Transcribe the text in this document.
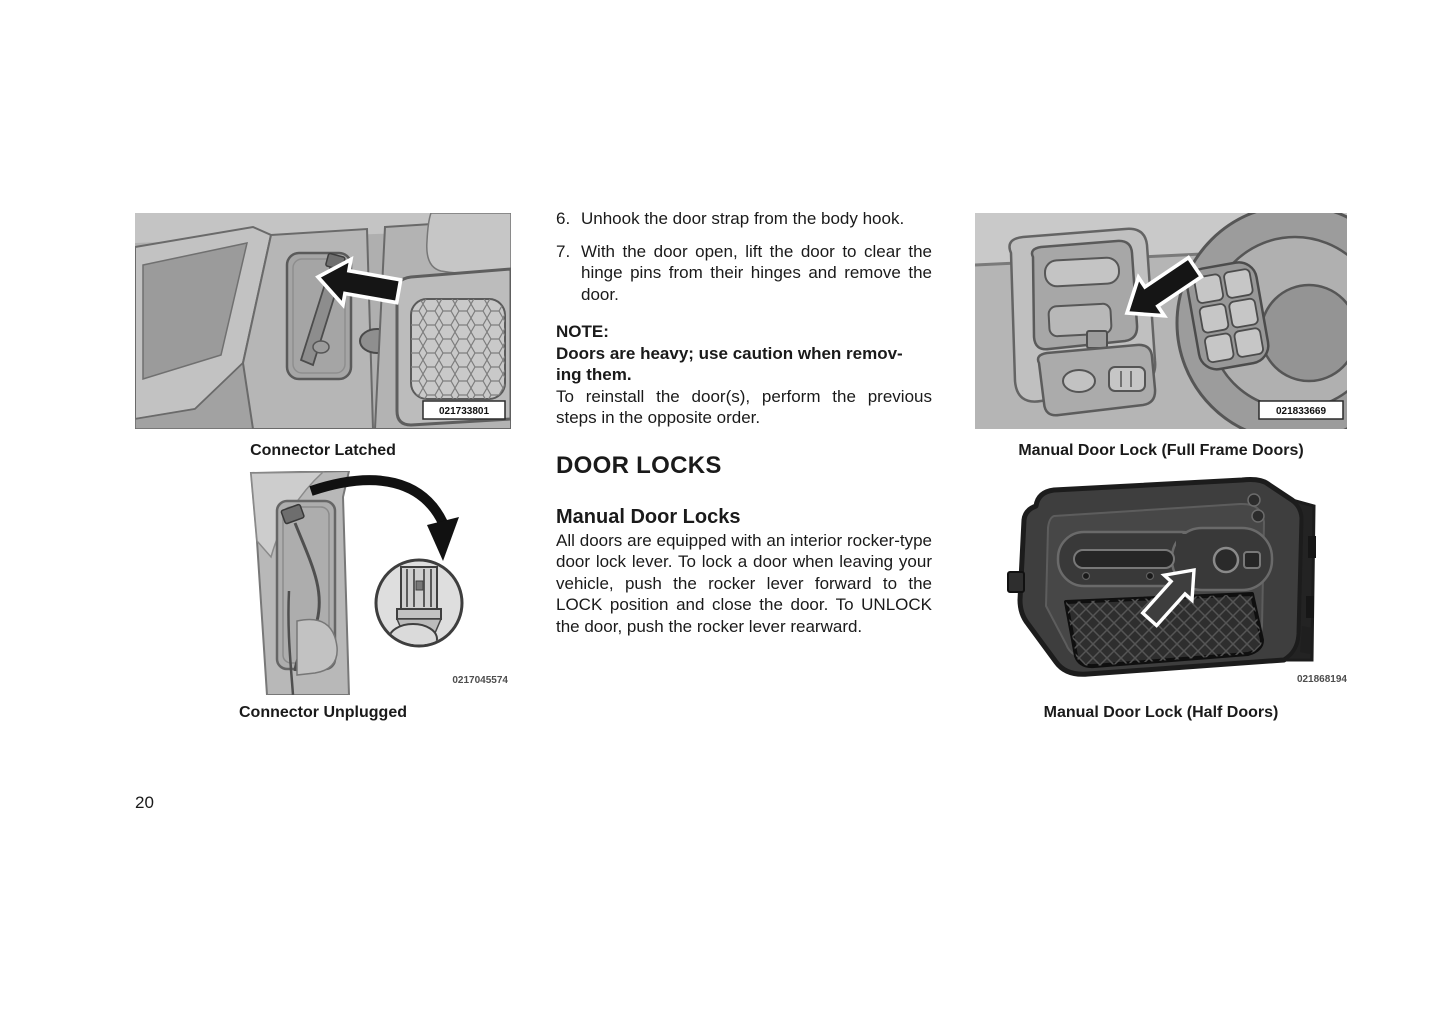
021733801
Connector Latched
0217045574
Connector Unplugged
6. Unhook the door strap from the body hook.
7. With the door open, lift the door to clear the hinge pins from their hinges and remove the door.
NOTE:
Doors are heavy; use caution when remov-
ing them.
To reinstall the door(s), perform the previous steps in the opposite order.
DOOR LOCKS
Manual Door Locks
All doors are equipped with an interior rocker-type door lock lever. To lock a door when leaving your vehicle, push the rocker lever forward to the LOCK position and close the door. To UNLOCK the door, push the rocker lever rearward.
021833669
Manual Door Lock (Full Frame Doors)
021868194
Manual Door Lock (Half Doors)
20
